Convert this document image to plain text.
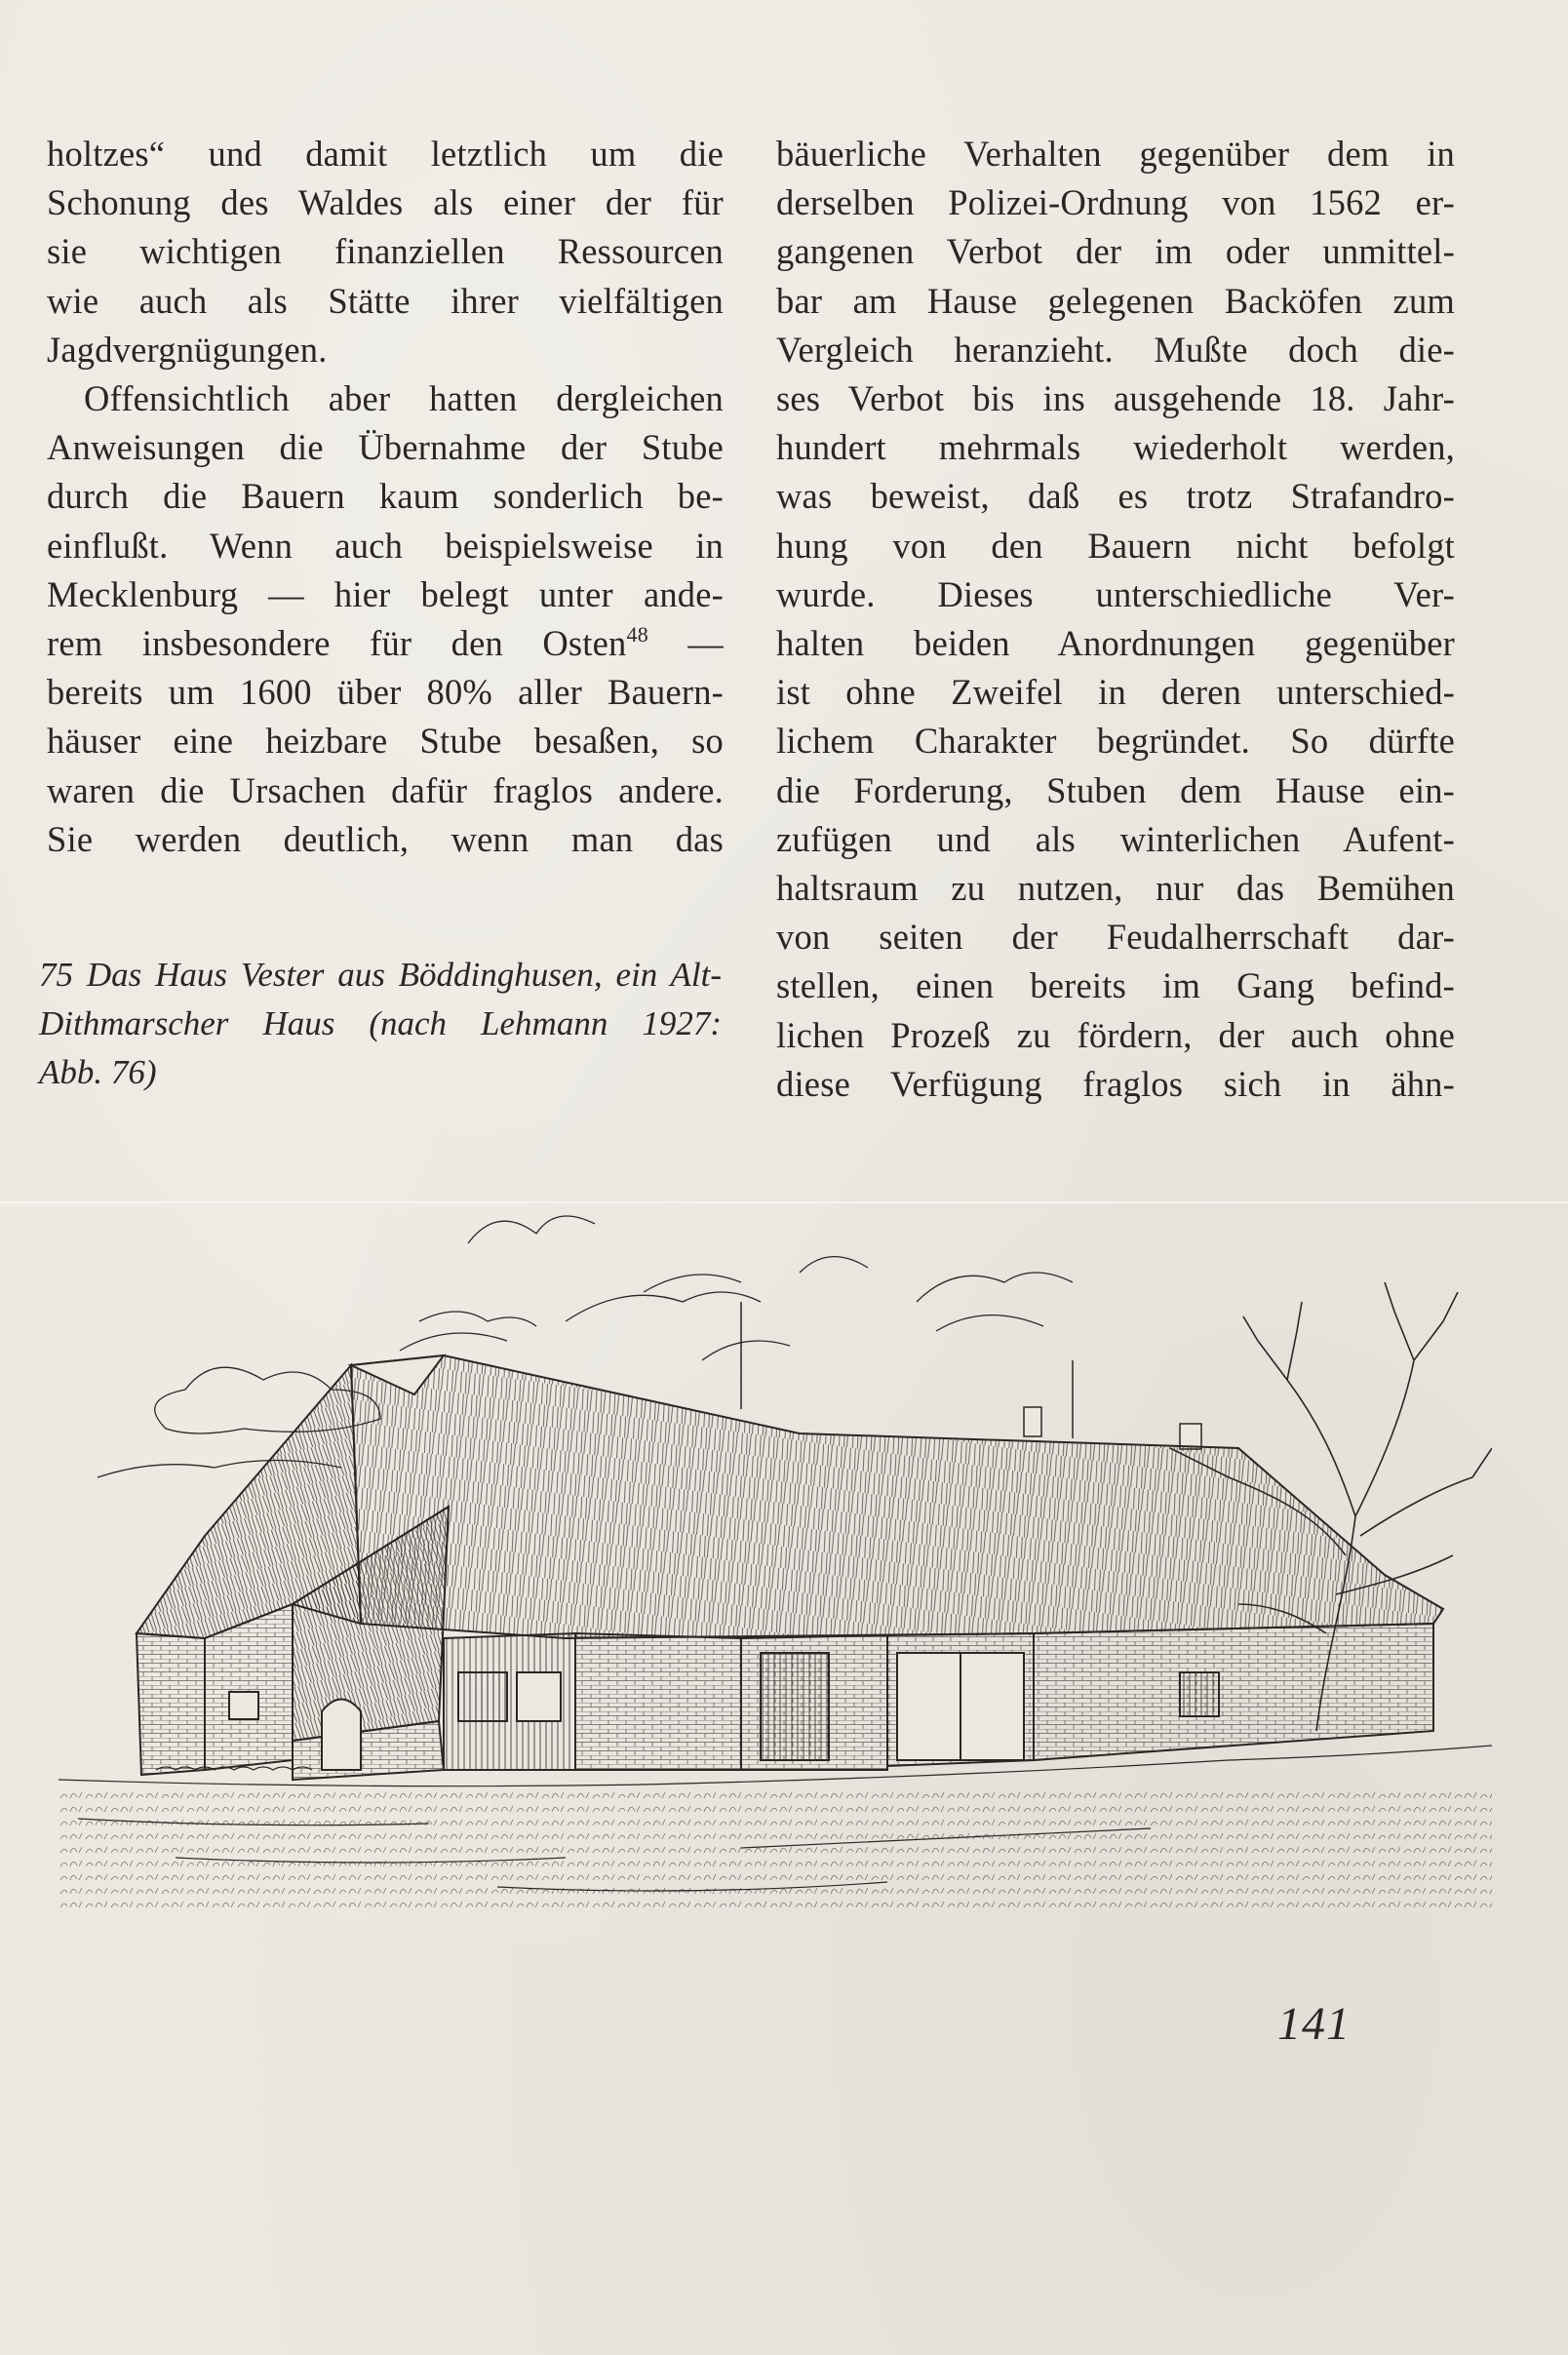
holtzes“ und damit letztlich um die
Schonung des Waldes als einer der für
sie wichtigen finanziellen Ressourcen
wie auch als Stätte ihrer vielfältigen
Jagdvergnügungen.
Offensichtlich aber hatten dergleichen
Anweisungen die Übernahme der Stube
durch die Bauern kaum sonderlich be-
einflußt. Wenn auch beispielsweise in
Mecklenburg — hier belegt unter ande-
rem insbesondere für den Osten$^{48}$ —
bereits um 1600 über 80% aller Bauern-
häuser eine heizbare Stube besaßen, so
waren die Ursachen dafür fraglos andere.
Sie werden deutlich, wenn man das
bäuerliche Verhalten gegenüber dem in
derselben Polizei-Ordnung von 1562 er-
gangenen Verbot der im oder unmittel-
bar am Hause gelegenen Backöfen zum
Vergleich heranzieht. Mußte doch die-
ses Verbot bis ins ausgehende 18. Jahr-
hundert mehrmals wiederholt werden,
was beweist, daß es trotz Strafandro-
hung von den Bauern nicht befolgt
wurde. Dieses unterschiedliche Ver-
halten beiden Anordnungen gegenüber
ist ohne Zweifel in deren unterschied-
lichem Charakter begründet. So dürfte
die Forderung, Stuben dem Hause ein-
zufügen und als winterlichen Aufent-
haltsraum zu nutzen, nur das Bemühen
von seiten der Feudalherrschaft dar-
stellen, einen bereits im Gang befind-
lichen Prozeß zu fördern, der auch ohne
diese Verfügung fraglos sich in ähn-
75 Das Haus Vester aus Böddinghusen, ein Alt-
Dithmarscher Haus (nach Lehmann 1927:
Abb. 76)
141
